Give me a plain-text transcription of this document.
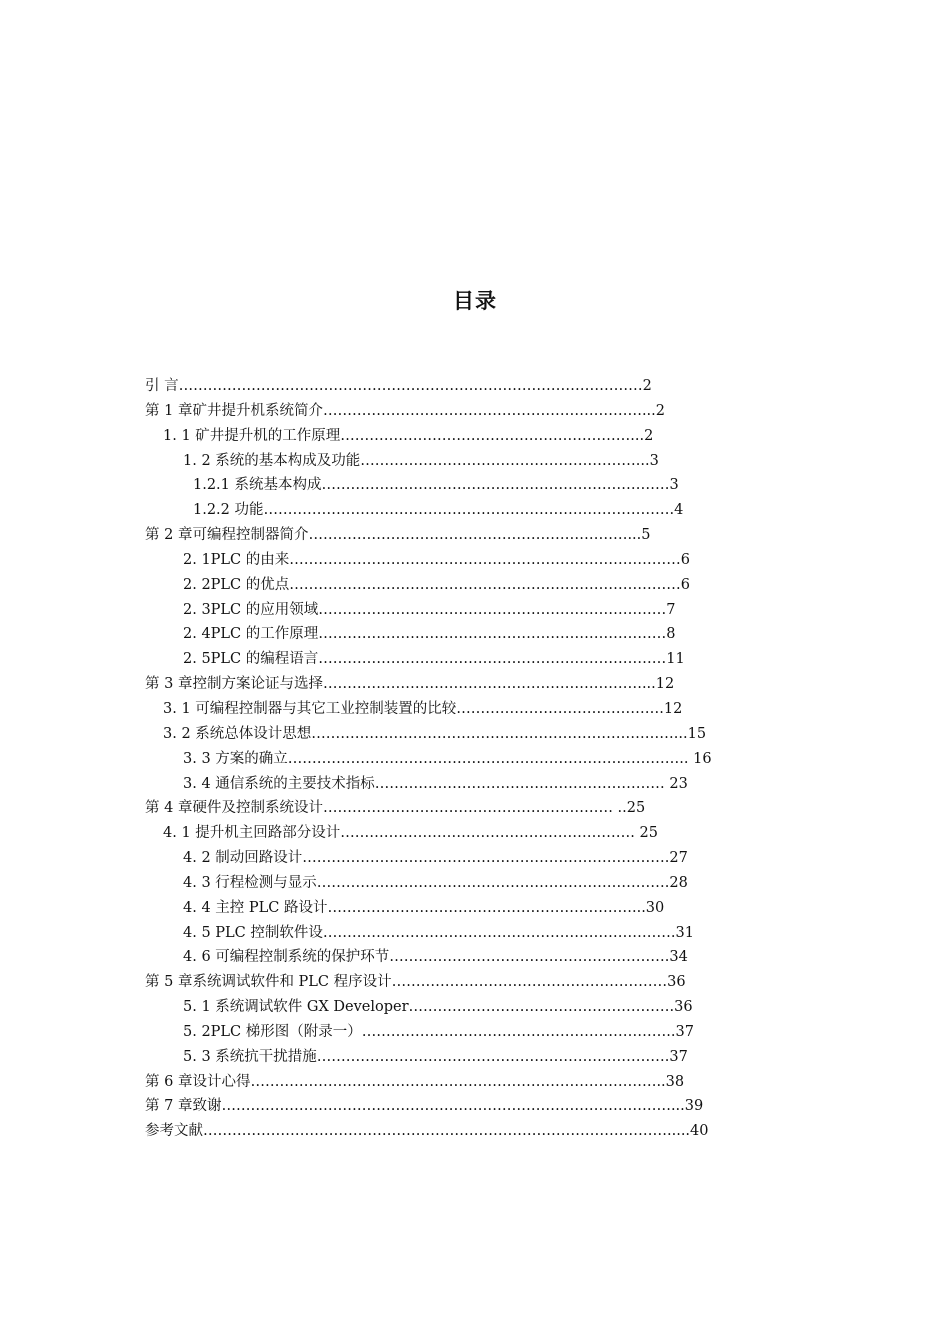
目录
引 言……………………………………………………………………………………2
第 1 章矿井提升机系统简介…………………………………………………………...2
1. 1 矿井提升机的工作原理……………………………………………………...2
1. 2 系统的基本构成及功能…………………………………………………...3
1.2.1 系统基本构成………………………………………………………………3
1.2.2 功能………………………………………………………………………….4
第 2 章可编程控制器简介…………………………………………………………...5
2. 1PLC 的由来………………………………………………………………………6
2. 2PLC 的优点………………………………………………………………………6
2. 3PLC 的应用领域………………………………………………………………7
2. 4PLC 的工作原理………………………………………………………………8
2. 5PLC 的编程语言………………………………………………………………11
第 3 章控制方案论证与选择…………………………………………………………...12
3. 1 可编程控制器与其它工业控制装置的比较…………………………………….12
3. 2 系统总体设计思想…………………………………………………………………...15
3. 3 方案的确立……………………………………………………………………….. 16
3. 4 通信系统的主要技术指标…………………………………………………… 23
第 4 章硬件及控制系统设计…………………………………………………… ..25
4. 1 提升机主回路部分设计……………………………………………………. 25
4. 2 制动回路设计………………………………………………………………….27
4. 3 行程检测与显示……………………………………………………………….28
4. 4 主控 PLC 路设计………………………………………………………...30
4. 5 PLC 控制软件设……………………………………………………………….31
4. 6 可编程控制系统的保护环节………………………………………………….34
第 5 章系统调试软件和 PLC 程序设计…………………………………………………36
5. 1 系统调试软件 GX Developer……………………………………………….36
5. 2PLC 梯形图（附录一）………………………………………………………..37
5. 3 系统抗干扰措施……………………………………………………………….37
第 6 章设计心得…………………………………………………………………………..38
第 7 章致谢…………………………………………………………………………………...39
参考文献…………………………………………………………………………………….....40
